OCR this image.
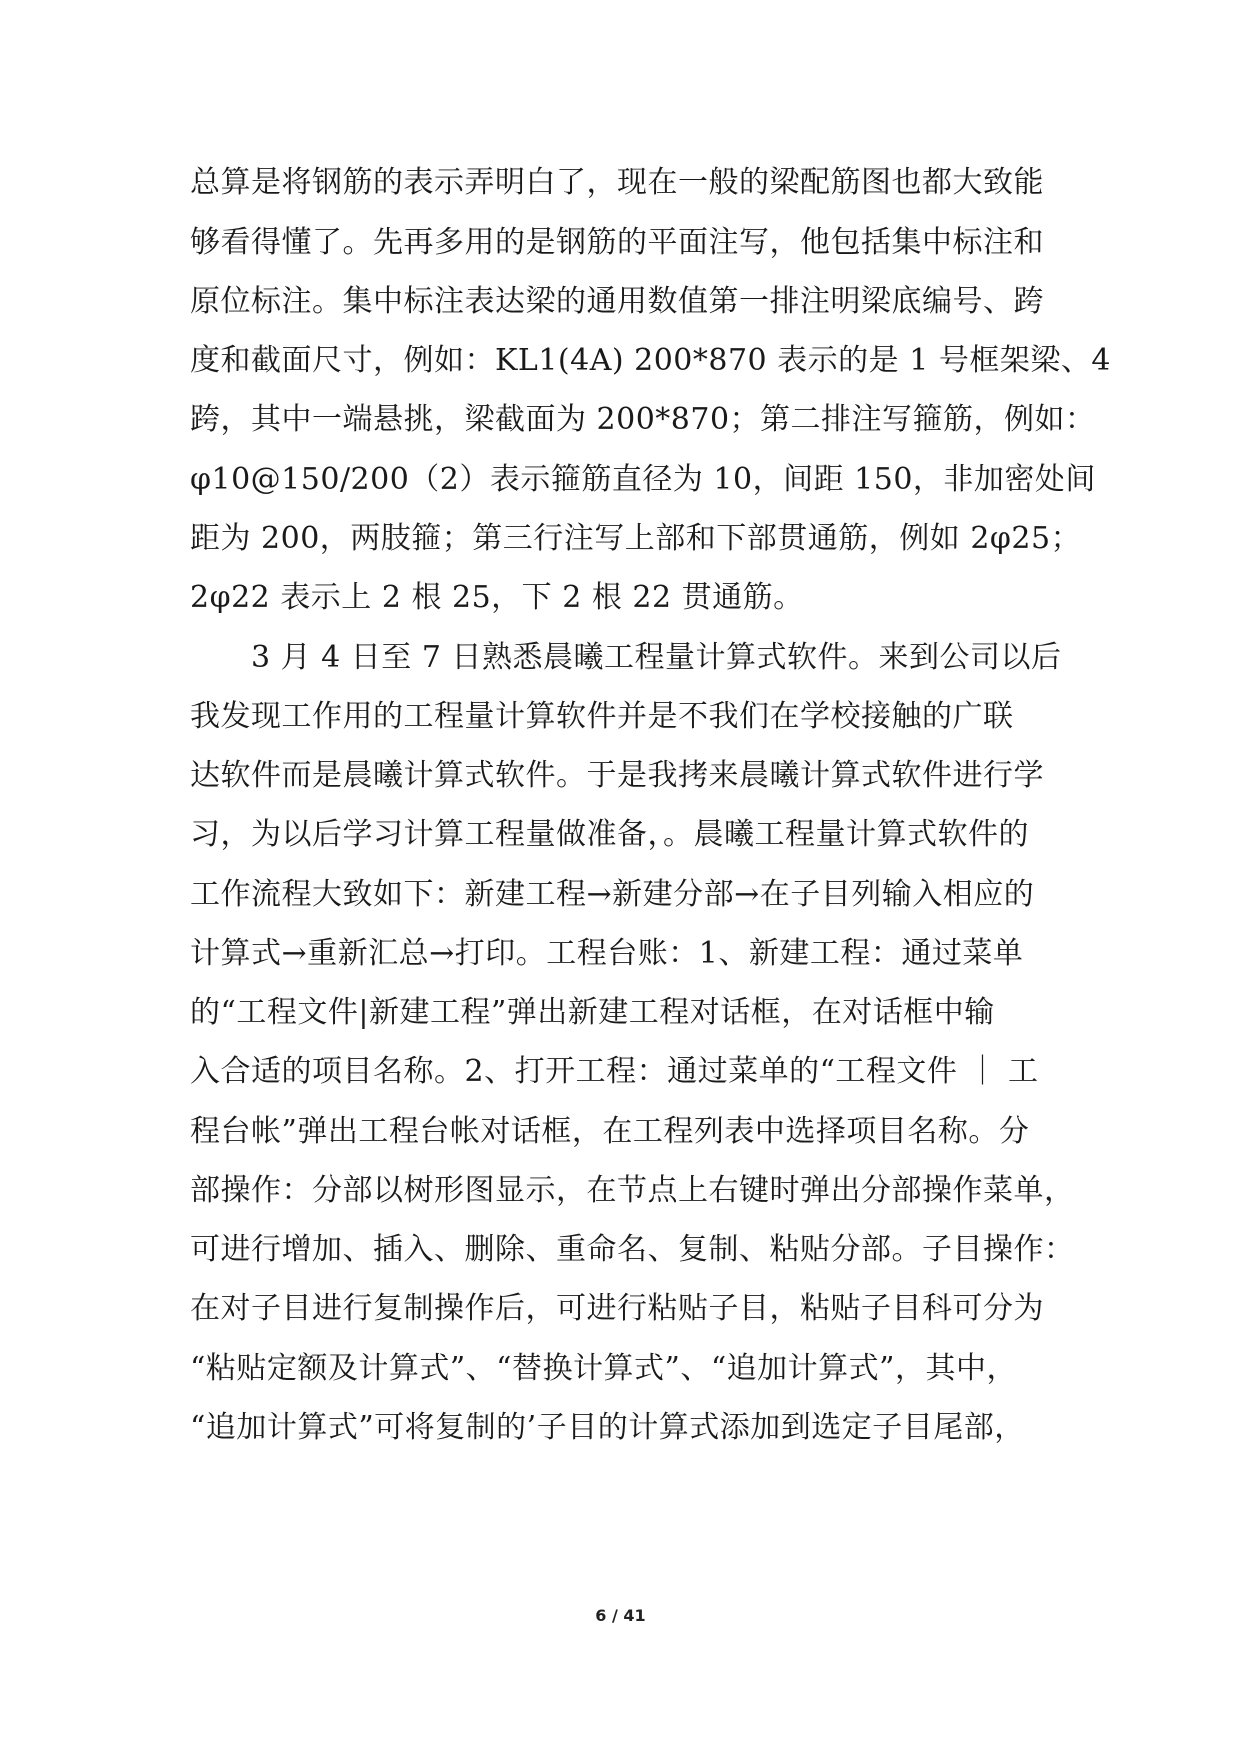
总算是将钢筋的表示弄明白了，现在一般的梁配筋图也都大致能
够看得懂了。先再多用的是钢筋的平面注写，他包括集中标注和
原位标注。集中标注表达梁的通用数值第一排注明梁底编号、跨
度和截面尺寸，例如：KL1(4A) 200*870 表示的是 1 号框架梁、4
跨，其中一端悬挑，梁截面为 200*870；第二排注写箍筋，例如：
φ10@150/200（2）表示箍筋直径为 10，间距 150，非加密处间
距为 200，两肢箍；第三行注写上部和下部贯通筋，例如 2φ25；
2φ22 表示上 2 根 25，下 2 根 22 贯通筋。
　　3 月 4 日至 7 日熟悉晨曦工程量计算式软件。来到公司以后
我发现工作用的工程量计算软件并是不我们在学校接触的广联
达软件而是晨曦计算式软件。于是我拷来晨曦计算式软件进行学
习，为以后学习计算工程量做准备，。晨曦工程量计算式软件的
工作流程大致如下：新建工程→新建分部→在子目列输入相应的
计算式→重新汇总→打印。工程台账：1、新建工程：通过菜单
的“工程文件|新建工程”弹出新建工程对话框，在对话框中输
入合适的项目名称。2、打开工程：通过菜单的“工程文件 ｜ 工
程台帐”弹出工程台帐对话框，在工程列表中选择项目名称。分
部操作：分部以树形图显示，在节点上右键时弹出分部操作菜单，
可进行增加、插入、删除、重命名、复制、粘贴分部。子目操作：
在对子目进行复制操作后，可进行粘贴子目，粘贴子目科可分为
“粘贴定额及计算式”、“替换计算式”、“追加计算式”，其中，
“追加计算式”可将复制的’子目的计算式添加到选定子目尾部，
6 / 41
